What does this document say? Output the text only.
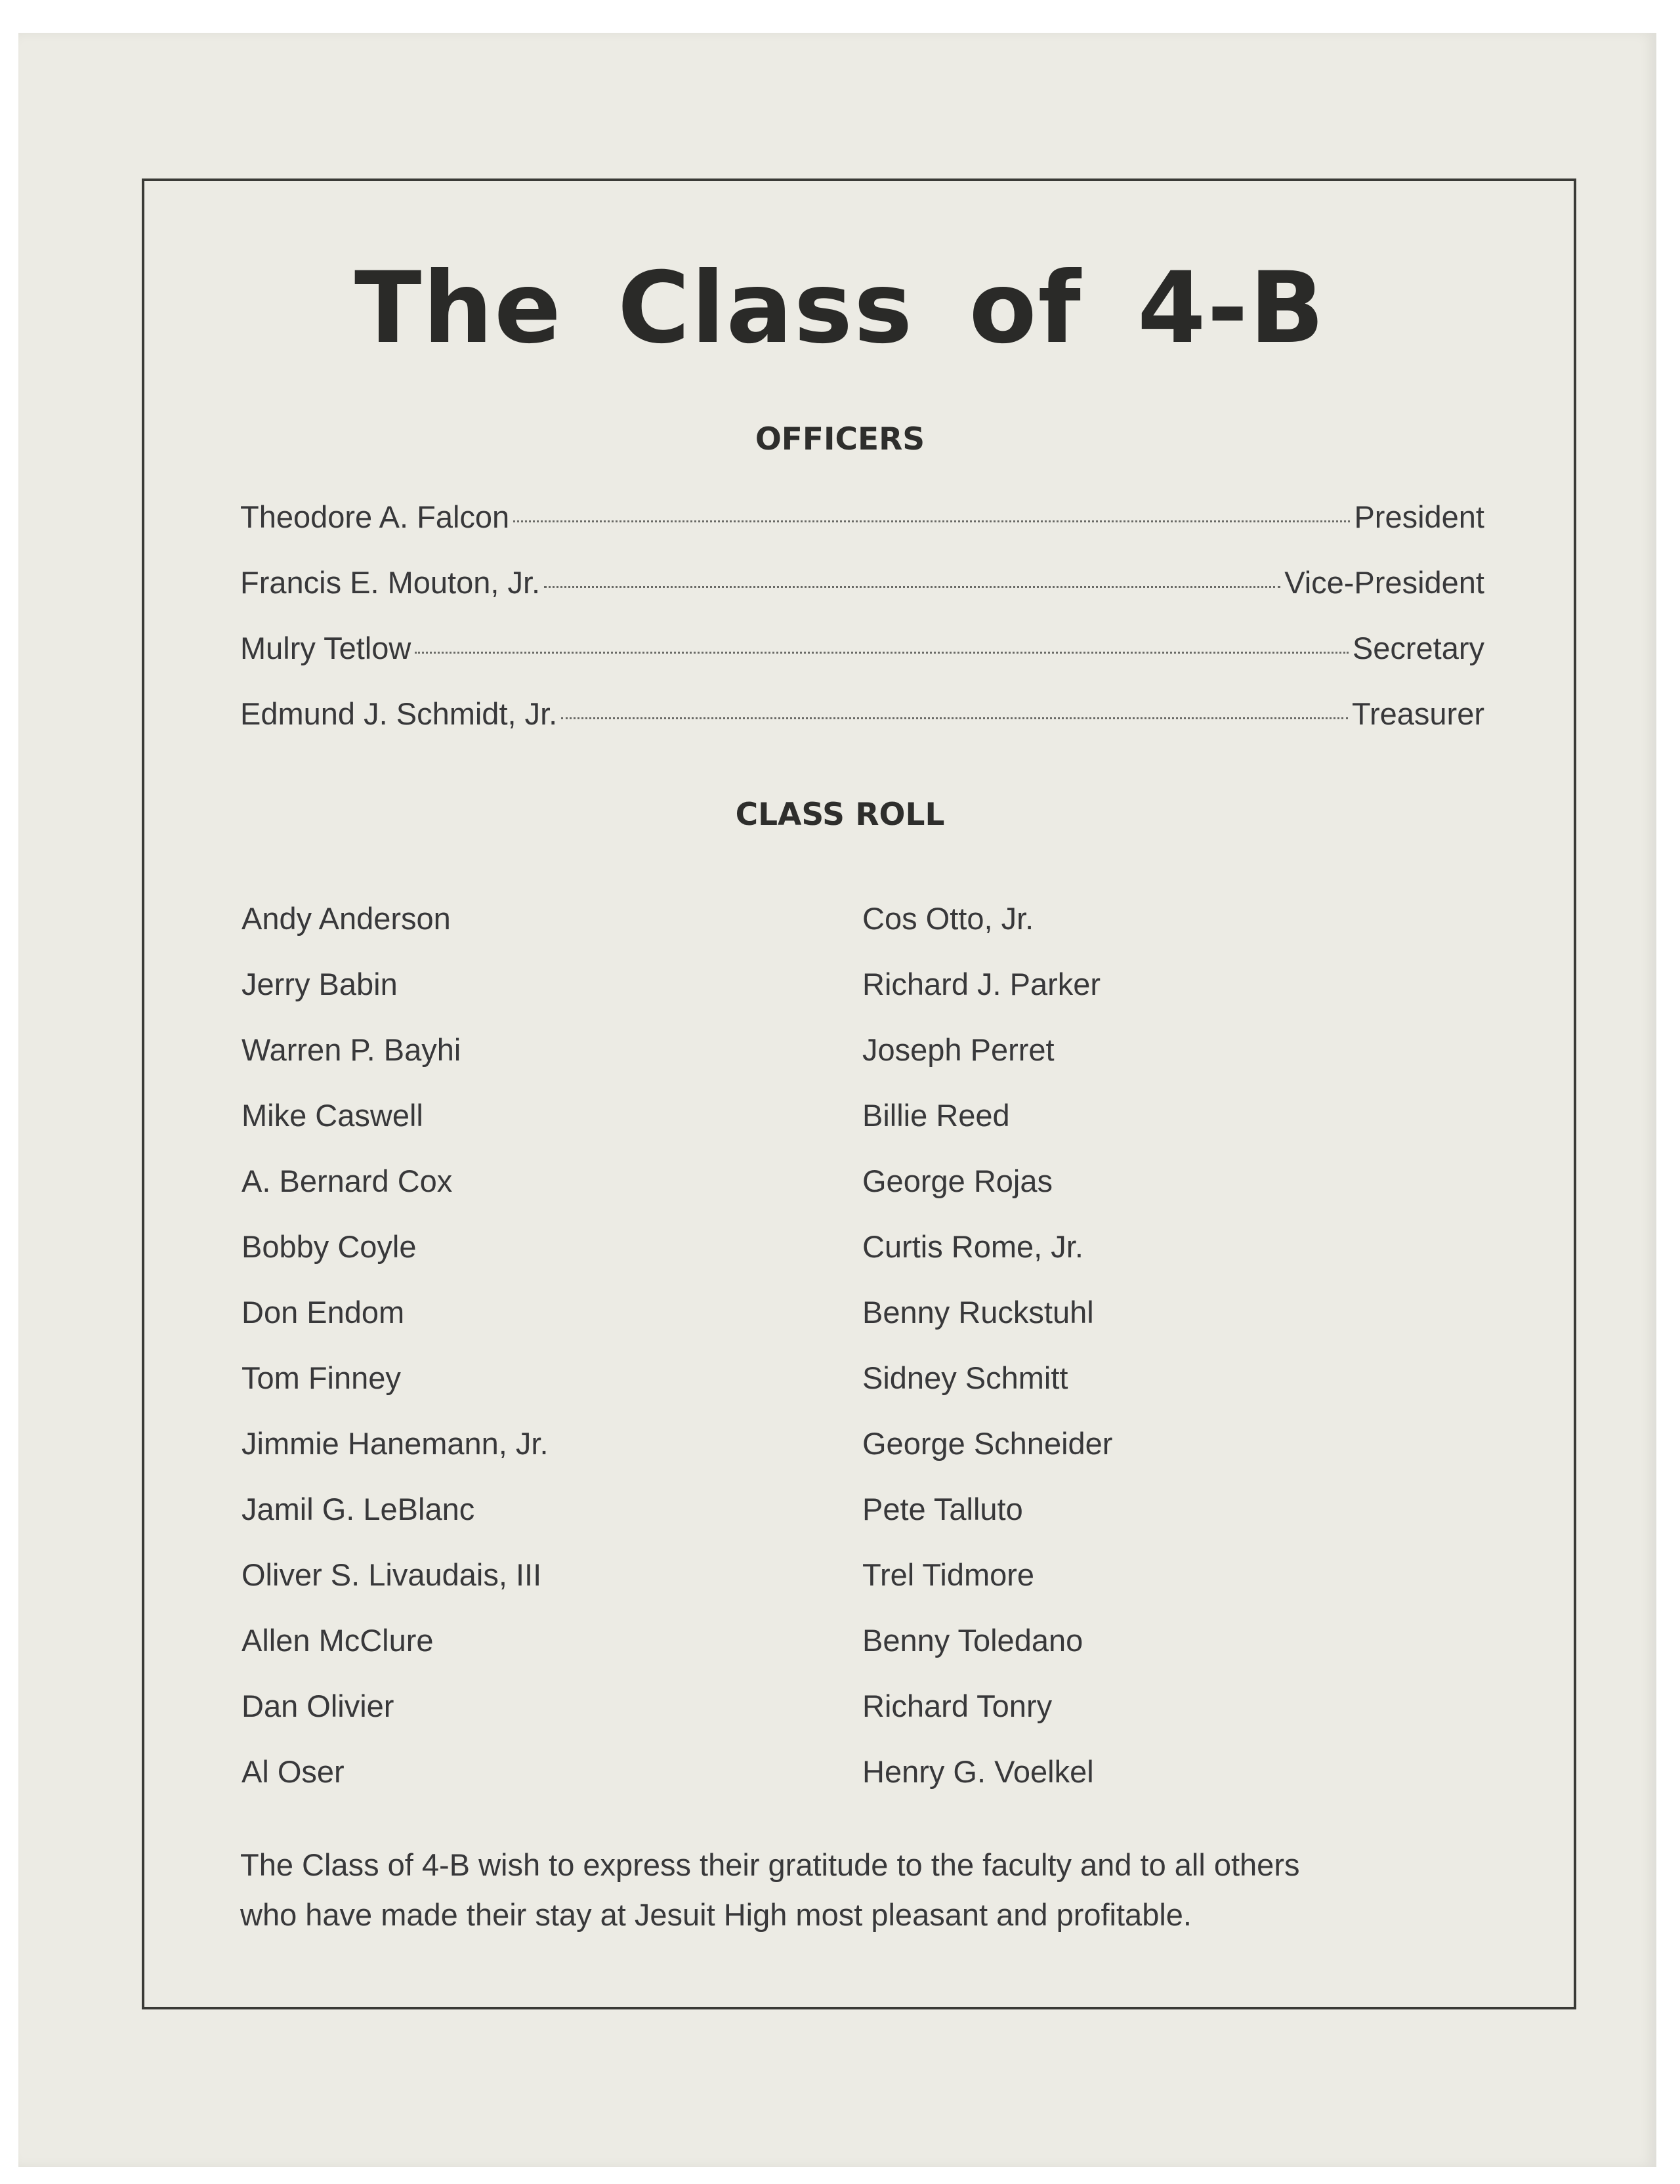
The Class of 4-B
OFFICERS
Theodore A. Falcon	President
Francis E. Mouton, Jr.	Vice-President
Mulry Tetlow	Secretary
Edmund J. Schmidt, Jr.	Treasurer
CLASS ROLL
Andy Anderson
Jerry Babin
Warren P. Bayhi
Mike Caswell
A. Bernard Cox
Bobby Coyle
Don Endom
Tom Finney
Jimmie Hanemann, Jr.
Jamil G. LeBlanc
Oliver S. Livaudais, III
Allen McClure
Dan Olivier
Al Oser
Cos Otto, Jr.
Richard J. Parker
Joseph Perret
Billie Reed
George Rojas
Curtis Rome, Jr.
Benny Ruckstuhl
Sidney Schmitt
George Schneider
Pete Talluto
Trel Tidmore
Benny Toledano
Richard Tonry
Henry G. Voelkel

The Class of 4-B wish to express their gratitude to the faculty and to all others
who have made their stay at Jesuit High most pleasant and profitable.
